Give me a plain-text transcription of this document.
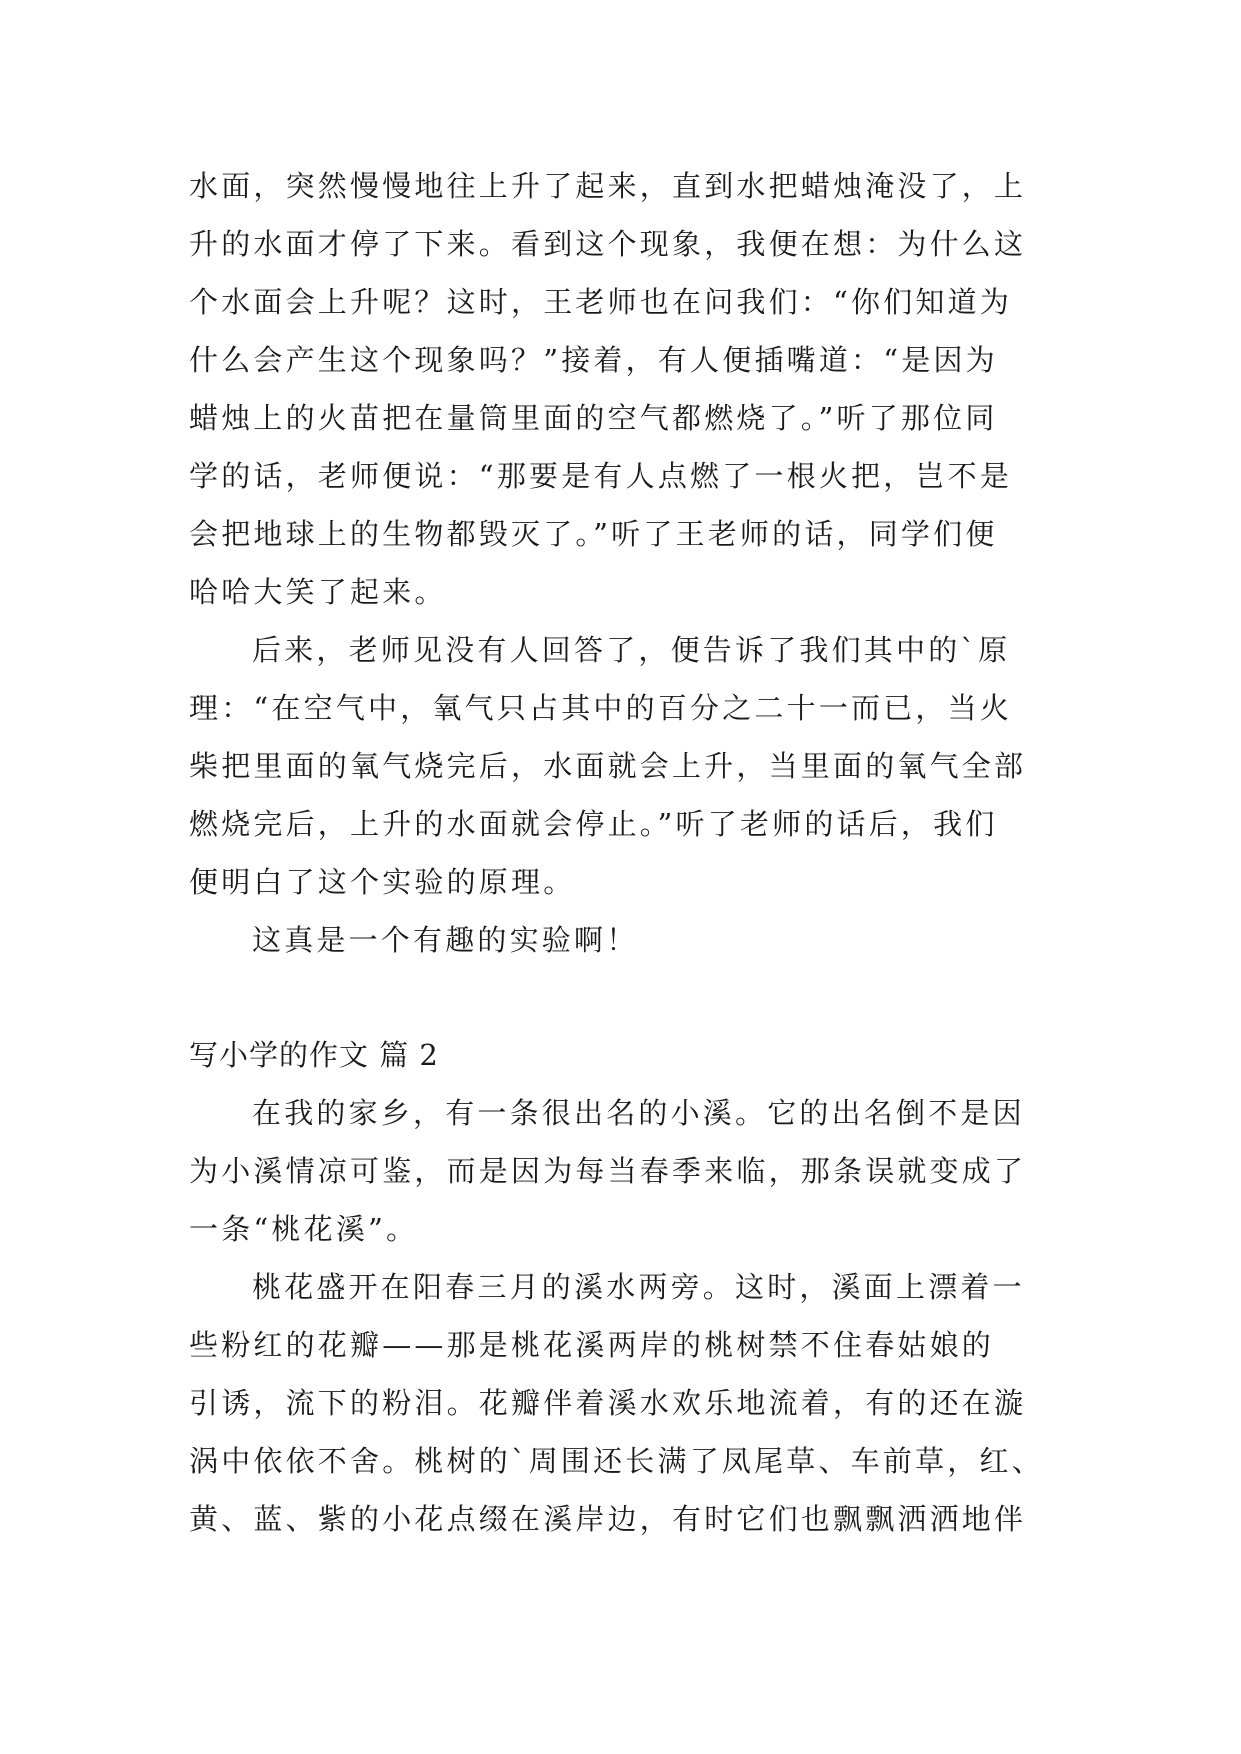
水面，突然慢慢地往上升了起来，直到水把蜡烛淹没了，上
升的水面才停了下来。看到这个现象，我便在想：为什么这
个水面会上升呢？这时，王老师也在问我们：“你们知道为
什么会产生这个现象吗？”接着，有人便插嘴道：“是因为
蜡烛上的火苗把在量筒里面的空气都燃烧了。”听了那位同
学的话，老师便说：“那要是有人点燃了一根火把，岂不是
会把地球上的生物都毁灭了。”听了王老师的话，同学们便
哈哈大笑了起来。
后来，老师见没有人回答了，便告诉了我们其中的`原
理：“在空气中，氧气只占其中的百分之二十一而已，当火
柴把里面的氧气烧完后，水面就会上升，当里面的氧气全部
燃烧完后，上升的水面就会停止。”听了老师的话后，我们
便明白了这个实验的原理。
这真是一个有趣的实验啊！
写小学的作文 篇 2
在我的家乡，有一条很出名的小溪。它的出名倒不是因
为小溪情凉可鉴，而是因为每当春季来临，那条误就变成了
一条“桃花溪”。
桃花盛开在阳春三月的溪水两旁。这时，溪面上漂着一
些粉红的花瓣——那是桃花溪两岸的桃树禁不住春姑娘的
引诱，流下的粉泪。花瓣伴着溪水欢乐地流着，有的还在漩
涡中依依不舍。桃树的`周围还长满了凤尾草、车前草，红、
黄、蓝、紫的小花点缀在溪岸边，有时它们也飘飘洒洒地伴
